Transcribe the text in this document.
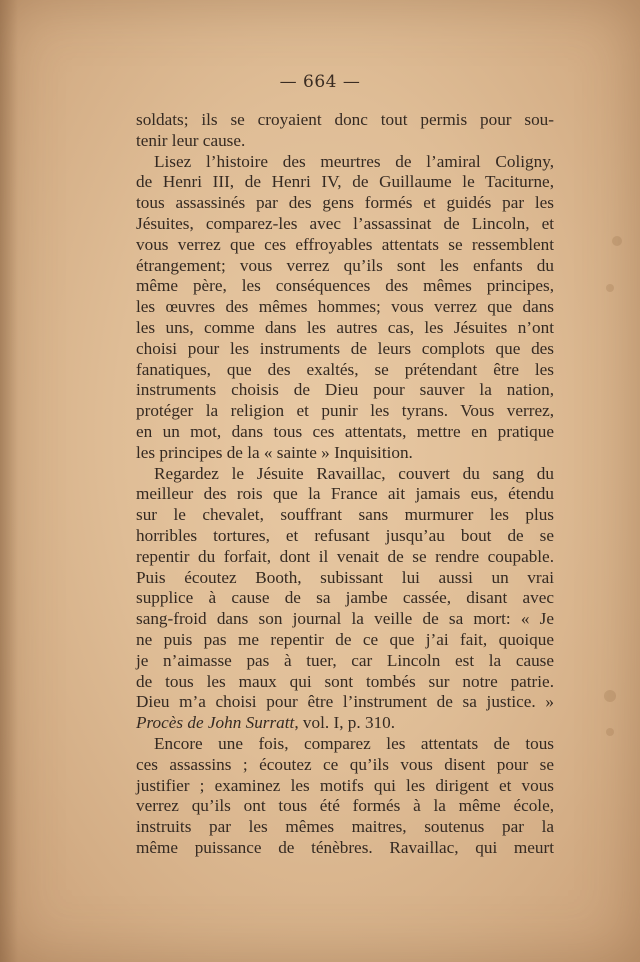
— 664 —
soldats; ils se croyaient donc tout permis pour sou-
tenir leur cause.
Lisez l’histoire des meurtres de l’amiral Coligny,
de Henri III, de Henri IV, de Guillaume le Taciturne,
tous assassinés par des gens formés et guidés par les
Jésuites, comparez-les avec l’assassinat de Lincoln, et
vous verrez que ces effroyables attentats se ressemblent
étrangement; vous verrez qu’ils sont les enfants du
même père, les conséquences des mêmes principes,
les œuvres des mêmes hommes; vous verrez que dans
les uns, comme dans les autres cas, les Jésuites n’ont
choisi pour les instruments de leurs complots que des
fanatiques, que des exaltés, se prétendant être les
instruments choisis de Dieu pour sauver la nation,
protéger la religion et punir les tyrans. Vous verrez,
en un mot, dans tous ces attentats, mettre en pratique
les principes de la « sainte » Inquisition.
Regardez le Jésuite Ravaillac, couvert du sang du
meilleur des rois que la France ait jamais eus, étendu
sur le chevalet, souffrant sans murmurer les plus
horribles tortures, et refusant jusqu’au bout de se
repentir du forfait, dont il venait de se rendre coupable.
Puis écoutez Booth, subissant lui aussi un vrai
supplice à cause de sa jambe cassée, disant avec
sang-froid dans son journal la veille de sa mort: « Je
ne puis pas me repentir de ce que j’ai fait, quoique
je n’aimasse pas à tuer, car Lincoln est la cause
de tous les maux qui sont tombés sur notre patrie.
Dieu m’a choisi pour être l’instrument de sa justice. »
Procès de John Surratt, vol. I, p. 310.
Encore une fois, comparez les attentats de tous
ces assassins ; écoutez ce qu’ils vous disent pour se
justifier ; examinez les motifs qui les dirigent et vous
verrez qu’ils ont tous été formés à la même école,
instruits par les mêmes maitres, soutenus par la
même puissance de ténèbres. Ravaillac, qui meurt
